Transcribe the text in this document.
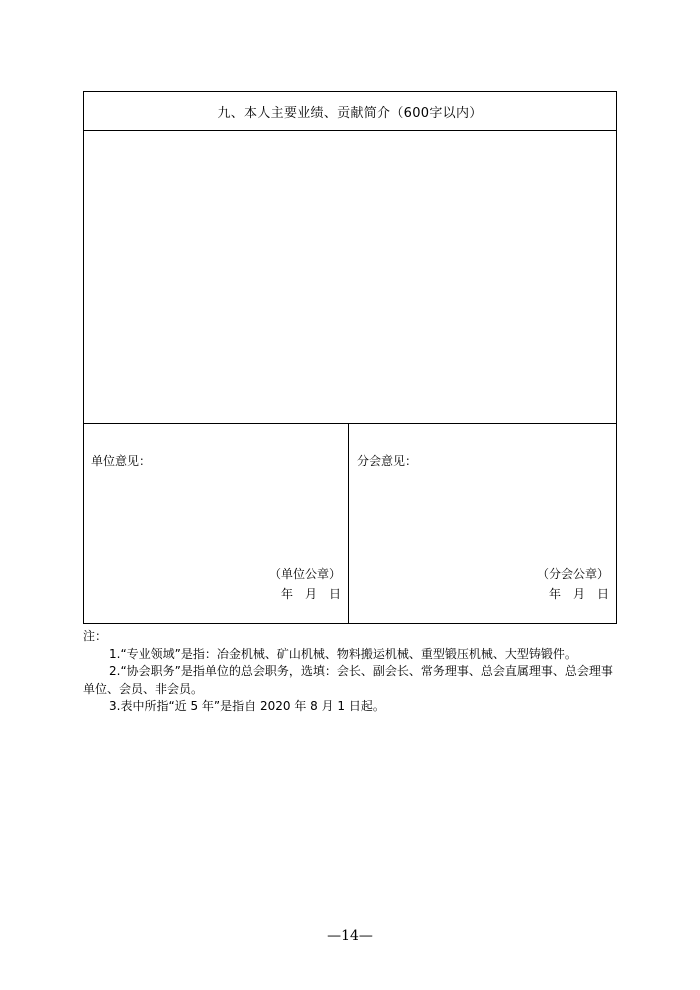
九、本人主要业绩、贡献简介（600字以内）
单位意见：
（单位公章）
年 月 日
分会意见：
（分会公章）
年 月 日

注：

1.“专业领域”是指：冶金机械、矿山机械、物料搬运机械、重型锻压机械、大型铸锻件。

2.“协会职务”是指单位的总会职务，选填：会长、副会长、常务理事、总会直属理事、总会理事单位、会员、非会员。

3.表中所指“近 5 年”是指自 2020 年 8 月 1 日起。

—14—
